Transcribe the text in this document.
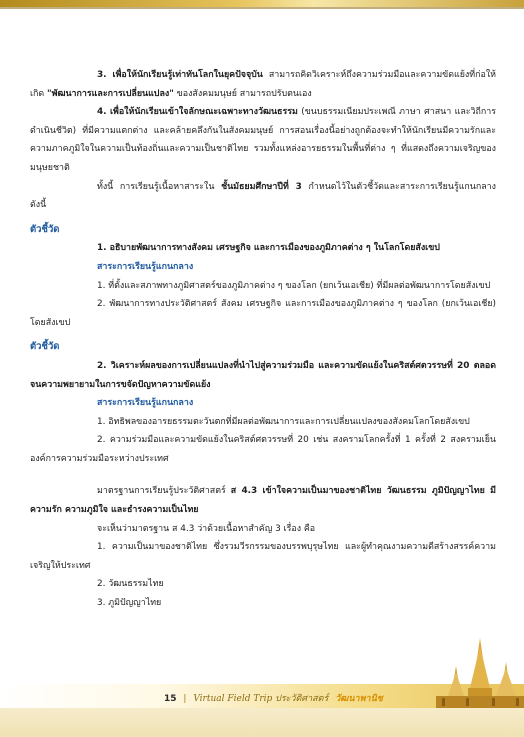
3. เพื่อให้นักเรียนรู้เท่าทันโลกในยุคปัจจุบัน สามารถคิดวิเคราะห์ถึงความร่วมมือและความขัดแย้งที่ก่อให้เกิด "พัฒนาการและการเปลี่ยนแปลง" ของสังคมมนุษย์ สามารถปรับตนเอง

4. เพื่อให้นักเรียนเข้าใจลักษณะเฉพาะทางวัฒนธรรม (ขนบธรรมเนียมประเพณี ภาษา ศาสนา และวิถีการดำเนินชีวิต) ที่มีความแตกต่าง และคล้ายคลึงกันในสังคมมนุษย์ การสอนเรื่องนี้อย่างถูกต้องจะทำให้นักเรียนมีความรักและความภาคภูมิใจในความเป็นท้องถิ่นและความเป็นชาติไทย รวมทั้งแหล่งอารยธรรมในพื้นที่ต่าง ๆ ที่แสดงถึงความเจริญของมนุษยชาติ

ทั้งนี้ การเรียนรู้เนื้อหาสาระใน ชั้นมัธยมศึกษาปีที่ 3 กำหนดไว้ในตัวชี้วัดและสาระการเรียนรู้แกนกลางดังนี้

ตัวชี้วัด

1. อธิบายพัฒนาการทางสังคม เศรษฐกิจ และการเมืองของภูมิภาคต่าง ๆ ในโลกโดยสังเขป

สาระการเรียนรู้แกนกลาง

1. ที่ตั้งและสภาพทางภูมิศาสตร์ของภูมิภาคต่าง ๆ ของโลก (ยกเว้นเอเชีย) ที่มีผลต่อพัฒนาการโดยสังเขป

2. พัฒนาการทางประวัติศาสตร์ สังคม เศรษฐกิจ และการเมืองของภูมิภาคต่าง ๆ ของโลก (ยกเว้นเอเชีย) โดยสังเขป

ตัวชี้วัด

2. วิเคราะห์ผลของการเปลี่ยนแปลงที่นำไปสู่ความร่วมมือ และความขัดแย้งในคริสต์ศตวรรษที่ 20 ตลอดจนความพยายามในการขจัดปัญหาความขัดแย้ง

สาระการเรียนรู้แกนกลาง

1. อิทธิพลของอารยธรรมตะวันตกที่มีผลต่อพัฒนาการและการเปลี่ยนแปลงของสังคมโลกโดยสังเขป

2. ความร่วมมือและความขัดแย้งในคริสต์ศตวรรษที่ 20 เช่น สงครามโลกครั้งที่ 1 ครั้งที่ 2 สงครามเย็น องค์การความร่วมมือระหว่างประเทศ

มาตรฐานการเรียนรู้ประวัติศาสตร์ ส 4.3 เข้าใจความเป็นมาของชาติไทย วัฒนธรรม ภูมิปัญญาไทย มีความรัก ความภูมิใจ และธำรงความเป็นไทย

จะเห็นว่ามาตรฐาน ส 4.3 ว่าด้วยเนื้อหาสำคัญ 3 เรื่อง คือ

1. ความเป็นมาของชาติไทย ซึ่งรวมวีรกรรมของบรรพบุรุษไทย และผู้ทำคุณงามความดีสร้างสรรค์ความเจริญให้ประเทศ

2. วัฒนธรรมไทย

3. ภูมิปัญญาไทย

15 | Virtual Field Trip ประวัติศาสตร์ วัฒนาพานิช
